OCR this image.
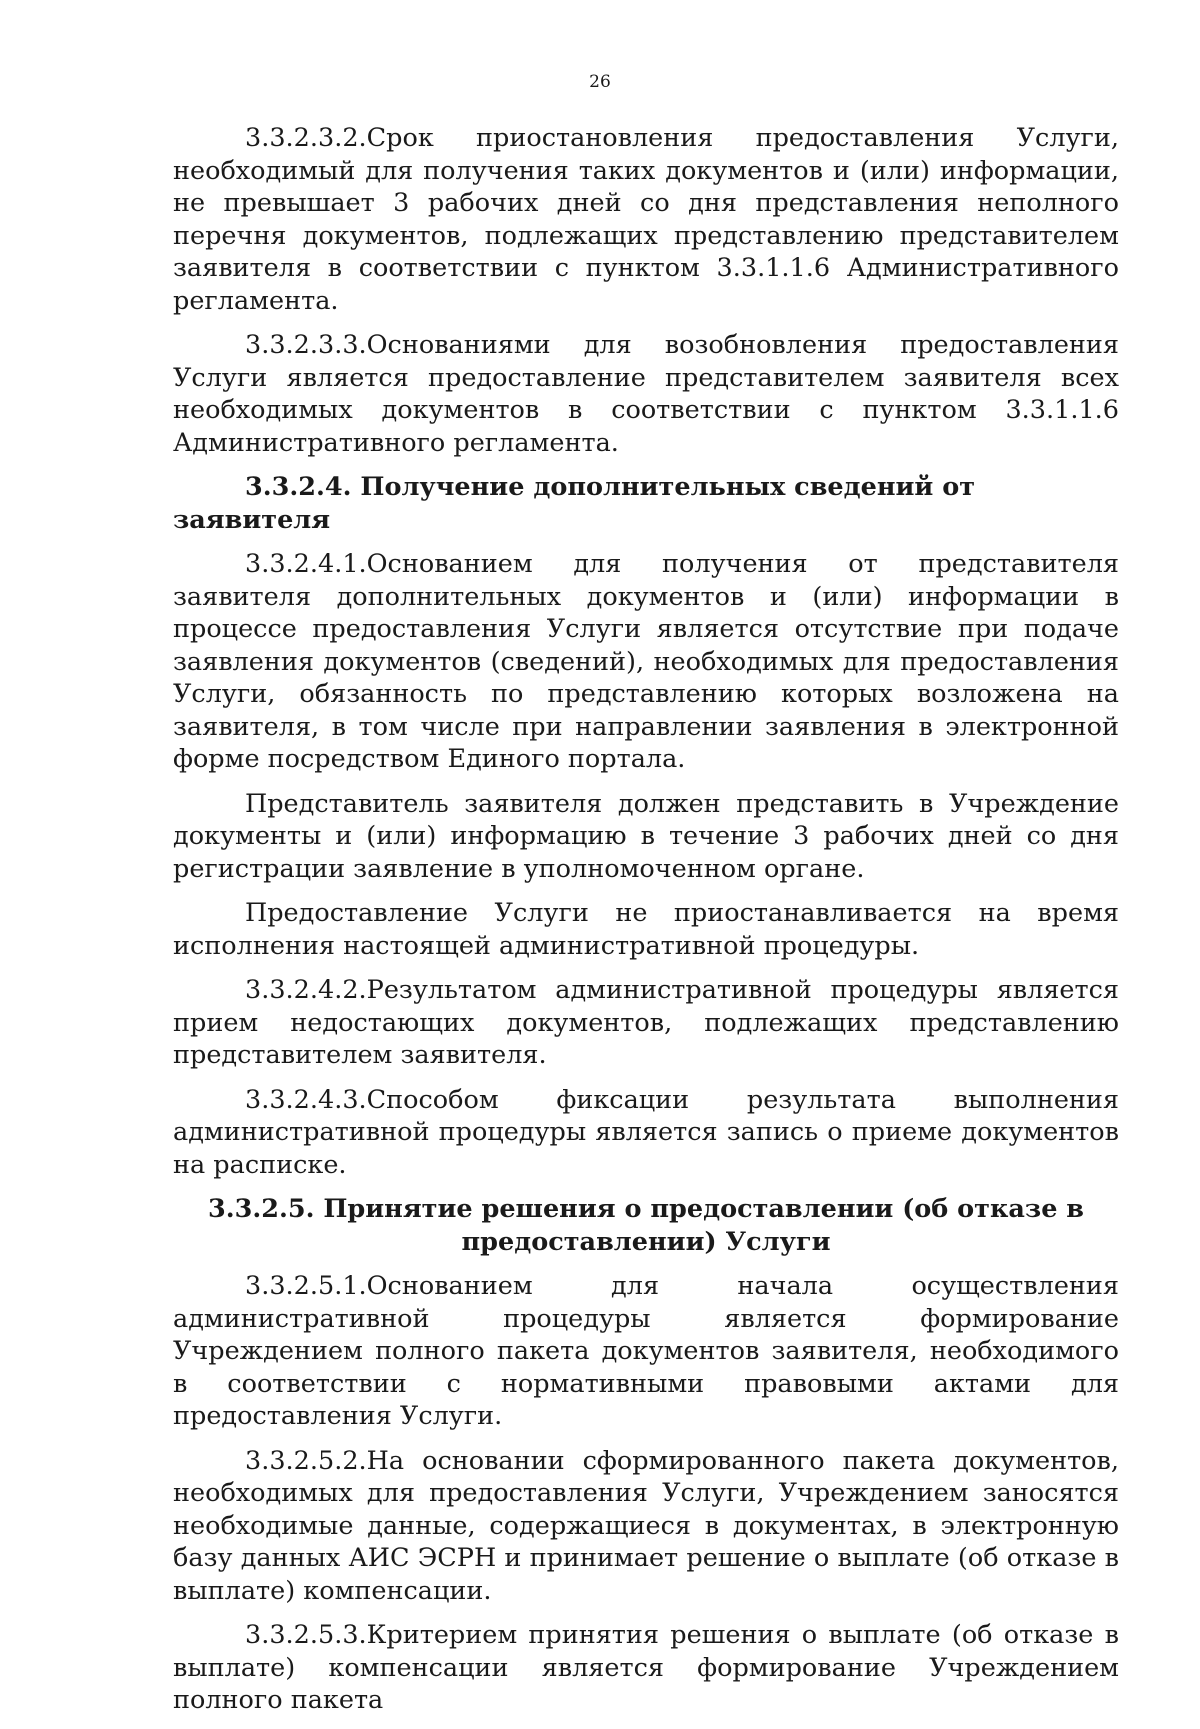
26

3.3.2.3.2.Срок приостановления предоставления Услуги, необходимый для получения таких документов и (или) информации, не превышает 3 рабочих дней со дня представления неполного перечня документов, подлежащих представлению представителем заявителя в соответствии с пунктом 3.3.1.1.6 Административного регламента.

3.3.2.3.3.Основаниями для возобновления предоставления Услуги является предоставление представителем заявителя всех необходимых документов в соответствии с пунктом 3.3.1.1.6 Административного регламента.

3.3.2.4. Получение дополнительных сведений от заявителя

3.3.2.4.1.Основанием для получения от представителя заявителя дополнительных документов и (или) информации в процессе предоставления Услуги является отсутствие при подаче заявления документов (сведений), необходимых для предоставления Услуги, обязанность по представлению которых возложена на заявителя, в том числе при направлении заявления в электронной форме посредством Единого портала.

Представитель заявителя должен представить в Учреждение документы и (или) информацию в течение 3 рабочих дней со дня регистрации заявление в уполномоченном органе.

Предоставление Услуги не приостанавливается на время исполнения настоящей административной процедуры.

3.3.2.4.2.Результатом административной процедуры является прием недостающих документов, подлежащих представлению представителем заявителя.

3.3.2.4.3.Способом фиксации результата выполнения административной процедуры является запись о приеме документов на расписке.

3.3.2.5. Принятие решения о предоставлении (об отказе в предоставлении) Услуги

3.3.2.5.1.Основанием для начала осуществления административной процедуры является формирование Учреждением полного пакета документов заявителя, необходимого в соответствии с нормативными правовыми актами для предоставления Услуги.

3.3.2.5.2.На основании сформированного пакета документов, необходимых для предоставления Услуги, Учреждением заносятся необходимые данные, содержащиеся в документах, в электронную базу данных АИС ЭСРН и принимает решение о выплате (об отказе в выплате) компенсации.

3.3.2.5.3.Критерием принятия решения о выплате (об отказе в выплате) компенсации является формирование Учреждением полного пакета
